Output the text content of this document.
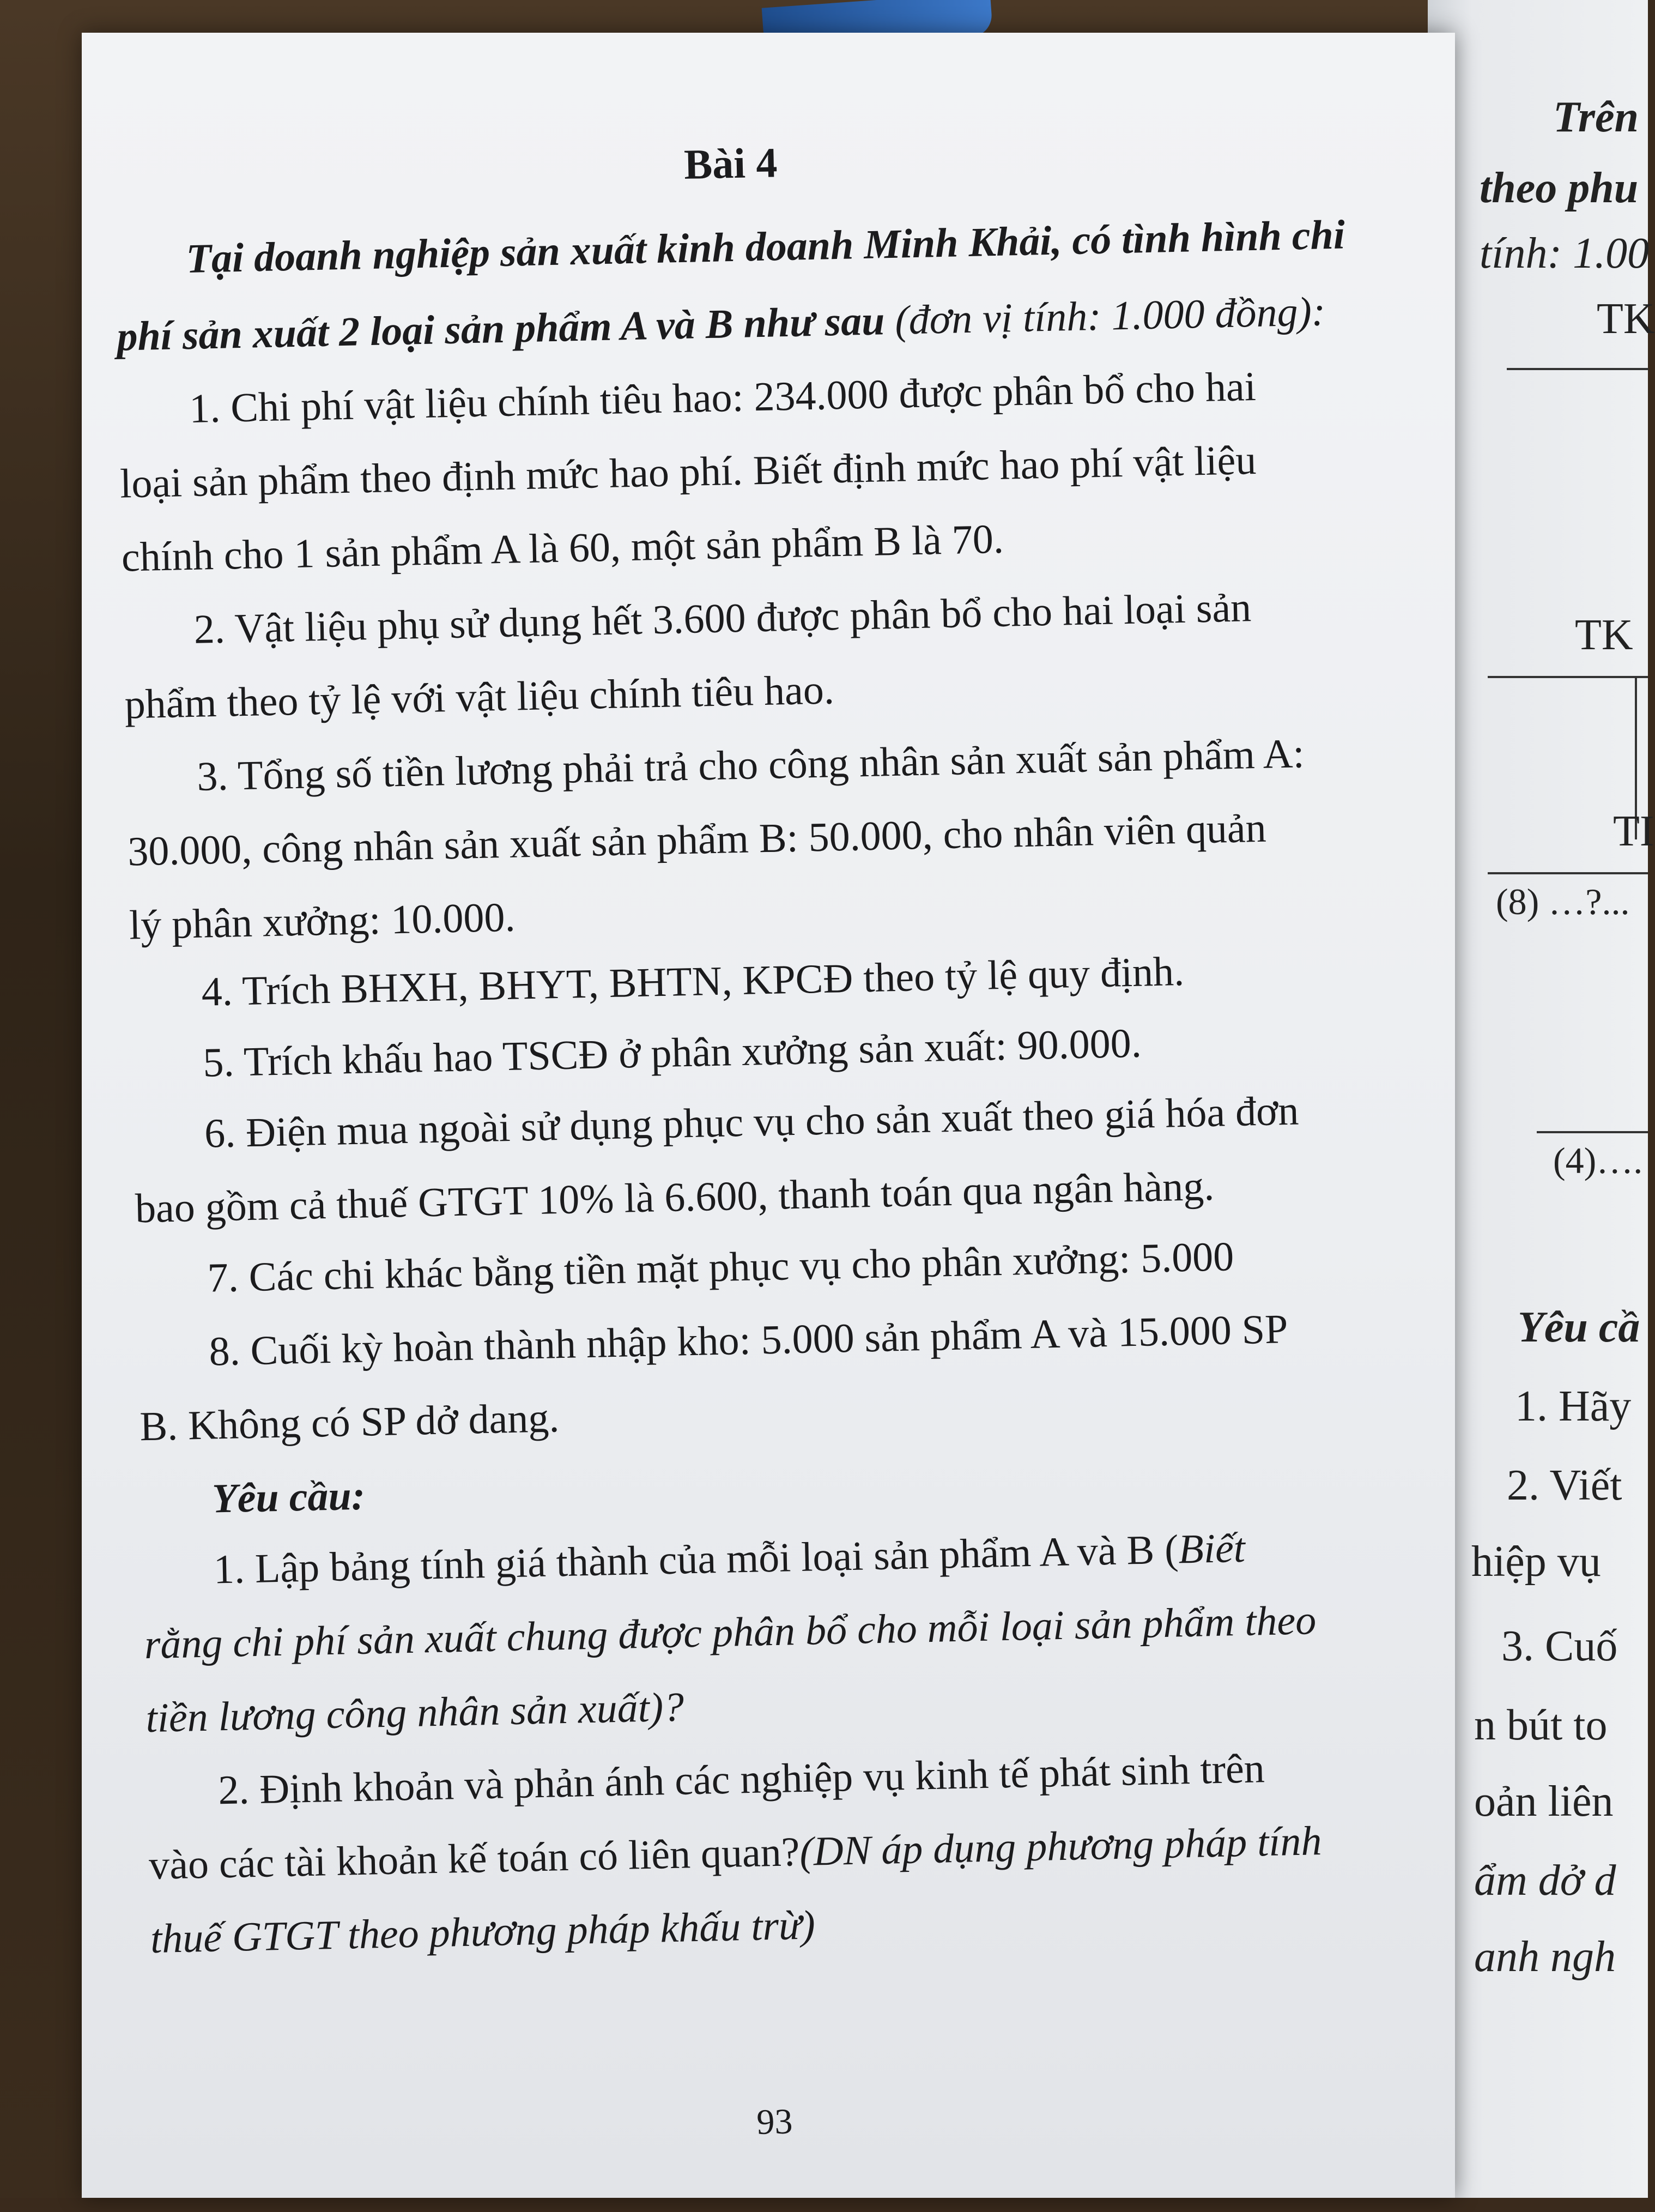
Trên
theo phu
tính: 1.00
TK
TK
TI
(8) …?...
(4)….
Yêu cầ
1. Hãy
2. Viết
hiệp vụ
3. Cuố
n bút to
oản liên
ẩm dở d
anh ngh
Bài 4
Tại doanh nghiệp sản xuất kinh doanh Minh Khải, có tình hình chi
phí sản xuất 2 loại sản phẩm A và B như sau (đơn vị tính: 1.000 đồng):
1. Chi phí vật liệu chính tiêu hao: 234.000 được phân bổ cho hai
loại sản phẩm theo định mức hao phí. Biết định mức hao phí vật liệu
chính cho 1 sản phẩm A là 60, một sản phẩm B là 70.
2. Vật liệu phụ sử dụng hết 3.600 được phân bổ cho hai loại sản
phẩm theo tỷ lệ với vật liệu chính tiêu hao.
3. Tổng số tiền lương phải trả cho công nhân sản xuất sản phẩm A:
30.000, công nhân sản xuất sản phẩm B: 50.000, cho nhân viên quản
lý phân xưởng: 10.000.
4. Trích BHXH, BHYT, BHTN, KPCĐ theo tỷ lệ quy định.
5. Trích khấu hao TSCĐ ở phân xưởng sản xuất: 90.000.
6. Điện mua ngoài sử dụng phục vụ cho sản xuất theo giá hóa đơn
bao gồm cả thuế GTGT 10% là 6.600, thanh toán qua ngân hàng.
7. Các chi khác bằng tiền mặt phục vụ cho phân xưởng: 5.000
8. Cuối kỳ hoàn thành nhập kho: 5.000 sản phẩm A và 15.000 SP
B. Không có SP dở dang.
Yêu cầu:
1. Lập bảng tính giá thành của mỗi loại sản phẩm A và B (Biết
rằng chi phí sản xuất chung được phân bổ cho mỗi loại sản phẩm theo
tiền lương công nhân sản xuất)?
2. Định khoản và phản ánh các nghiệp vụ kinh tế phát sinh trên
vào các tài khoản kế toán có liên quan?(DN áp dụng phương pháp tính
thuế GTGT theo phương pháp khấu trừ)
93
